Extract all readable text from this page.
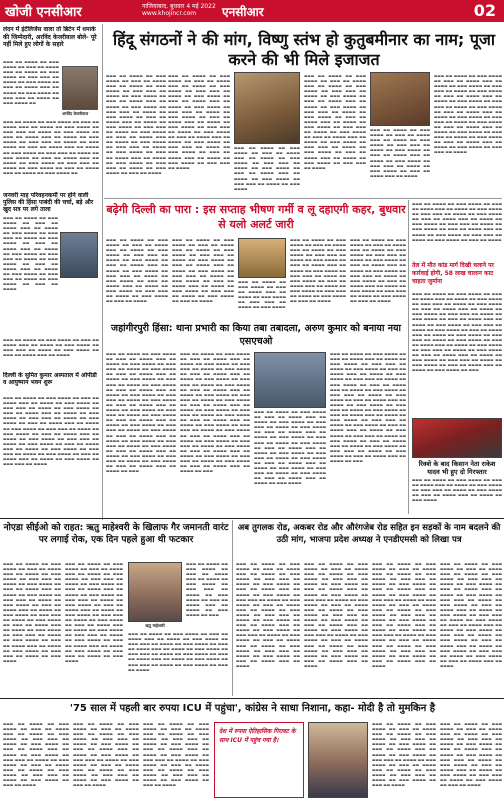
खोजी एनसीआर	गाजियाबाद, बुधवार 4 मई 2022
www.khojincr.com	एनसीआर	02
लंदन में इंटेलिजेंस वाला तो ब्रिटेन में धमाके की जिम्मेदारी, अरविंद केजरीवाल बोले- पूरे नहीं मिले हुए लोगों के सहारे
▬▬▬ ▬▬ ▬▬▬▬ ▬▬ ▬▬▬ ▬▬▬▬ ▬▬ ▬▬▬ ▬▬ ▬▬▬▬ ▬▬▬ ▬▬ ▬▬▬▬ ▬▬ ▬▬▬ ▬▬▬▬ ▬▬ ▬▬▬ ▬▬▬ ▬▬ ▬▬▬▬ ▬▬ ▬▬▬ ▬▬▬▬ ▬▬ ▬▬▬ ▬▬ ▬▬▬▬ ▬▬▬ ▬▬ ▬▬▬▬ ▬▬ ▬▬▬ ▬▬▬▬ ▬▬ ▬▬▬ ▬▬▬ ▬▬ ▬▬▬▬ ▬▬ ▬▬▬ ▬▬▬▬ ▬▬
अरविंद केजरीवाल
▬▬▬ ▬▬ ▬▬▬▬ ▬▬ ▬▬▬ ▬▬▬▬ ▬▬ ▬▬▬ ▬▬ ▬▬▬▬ ▬▬▬ ▬▬ ▬▬▬▬ ▬▬ ▬▬▬ ▬▬▬▬ ▬▬ ▬▬▬ ▬▬▬ ▬▬ ▬▬▬▬ ▬▬ ▬▬▬ ▬▬▬▬ ▬▬ ▬▬▬ ▬▬ ▬▬▬▬ ▬▬▬ ▬▬ ▬▬▬▬ ▬▬ ▬▬▬ ▬▬▬▬ ▬▬ ▬▬▬ ▬▬▬ ▬▬ ▬▬▬▬ ▬▬ ▬▬▬ ▬▬▬▬ ▬▬ ▬▬▬ ▬▬ ▬▬▬▬ ▬▬▬ ▬▬ ▬▬▬▬ ▬▬ ▬▬▬ ▬▬▬▬ ▬▬ ▬▬▬ ▬▬▬ ▬▬ ▬▬▬▬ ▬▬ ▬▬▬ ▬▬▬▬ ▬▬ ▬▬▬ ▬▬ ▬▬▬▬ ▬▬▬ ▬▬ ▬▬▬▬ ▬▬ ▬▬▬ ▬▬▬▬ ▬▬ ▬▬▬ ▬▬▬ ▬▬ ▬▬▬▬ ▬▬ ▬▬▬ ▬▬▬▬ ▬▬ ▬▬▬ ▬▬ ▬▬▬▬ ▬▬▬ ▬▬ ▬▬▬▬ ▬▬ ▬▬▬ ▬▬▬▬ ▬▬
जनवरी माह परिवहनकर्मी पर होने वाली पुलिस की हिंसा पाबंदी की चर्चा, बड़े और खुद सत्र पर लगे ताला
▬▬▬ ▬▬ ▬▬▬▬ ▬▬ ▬▬▬ ▬▬▬▬ ▬▬ ▬▬▬ ▬▬ ▬▬▬▬ ▬▬▬ ▬▬ ▬▬▬▬ ▬▬ ▬▬▬ ▬▬▬▬ ▬▬ ▬▬▬ ▬▬▬ ▬▬ ▬▬▬▬ ▬▬ ▬▬▬ ▬▬▬▬ ▬▬ ▬▬▬ ▬▬ ▬▬▬▬ ▬▬▬ ▬▬ ▬▬▬▬ ▬▬ ▬▬▬ ▬▬▬▬ ▬▬ ▬▬▬ ▬▬▬ ▬▬ ▬▬▬▬ ▬▬ ▬▬▬ ▬▬▬▬ ▬▬ ▬▬▬ ▬▬ ▬▬▬▬ ▬▬▬ ▬▬ ▬▬▬▬ ▬▬ ▬▬▬ ▬▬▬▬ ▬▬ ▬▬▬ ▬▬▬ ▬▬ ▬▬▬▬ ▬▬ ▬▬▬ ▬▬▬▬ ▬▬ ▬▬▬ ▬▬ ▬▬▬▬
▬▬▬ ▬▬ ▬▬▬▬ ▬▬ ▬▬▬ ▬▬▬▬ ▬▬ ▬▬▬ ▬▬ ▬▬▬▬ ▬▬▬ ▬▬ ▬▬▬▬ ▬▬ ▬▬▬ ▬▬▬▬ ▬▬ ▬▬▬ ▬▬▬ ▬▬ ▬▬▬▬ ▬▬ ▬▬▬ ▬▬▬▬ ▬▬ ▬▬▬ ▬▬ ▬▬▬▬ ▬▬▬ ▬▬ ▬▬▬▬
दिल्ली के सुमित कुमार अस्पताल में ओपीडी व आयुष्मान भवन शुरू
▬▬▬ ▬▬ ▬▬▬▬ ▬▬ ▬▬▬ ▬▬▬▬ ▬▬ ▬▬▬ ▬▬ ▬▬▬▬ ▬▬▬ ▬▬ ▬▬▬▬ ▬▬ ▬▬▬ ▬▬▬▬ ▬▬ ▬▬▬ ▬▬▬ ▬▬ ▬▬▬▬ ▬▬ ▬▬▬ ▬▬▬▬ ▬▬ ▬▬▬ ▬▬ ▬▬▬▬ ▬▬▬ ▬▬ ▬▬▬▬ ▬▬ ▬▬▬ ▬▬▬▬ ▬▬ ▬▬▬ ▬▬▬ ▬▬ ▬▬▬▬ ▬▬ ▬▬▬ ▬▬▬▬ ▬▬ ▬▬▬ ▬▬ ▬▬▬▬ ▬▬▬ ▬▬ ▬▬▬▬ ▬▬ ▬▬▬ ▬▬▬▬ ▬▬ ▬▬▬ ▬▬▬ ▬▬ ▬▬▬▬ ▬▬ ▬▬▬ ▬▬▬▬ ▬▬ ▬▬▬ ▬▬ ▬▬▬▬ ▬▬▬ ▬▬ ▬▬▬▬ ▬▬ ▬▬▬ ▬▬▬▬ ▬▬ ▬▬▬ ▬▬▬ ▬▬ ▬▬▬▬ ▬▬ ▬▬▬ ▬▬▬▬ ▬▬ ▬▬▬ ▬▬ ▬▬▬▬ ▬▬▬ ▬▬ ▬▬▬▬ ▬▬ ▬▬▬ ▬▬▬▬ ▬▬ ▬▬▬ ▬▬▬ ▬▬ ▬▬▬▬ ▬▬ ▬▬▬ ▬▬▬▬ ▬▬ ▬▬▬ ▬▬ ▬▬▬▬ ▬▬▬ ▬▬ ▬▬▬▬ ▬▬ ▬▬▬ ▬▬▬▬ ▬▬ ▬▬▬ ▬▬▬ ▬▬ ▬▬▬▬
हिंदू संगठनों ने की मांग, विष्णु स्तंभ हो कुतुबमीनार का नाम; पूजा करने की भी मिले इजाजत
▬▬▬ ▬▬ ▬▬▬▬ ▬▬ ▬▬▬ ▬▬▬▬ ▬▬ ▬▬▬ ▬▬ ▬▬▬▬ ▬▬▬ ▬▬ ▬▬▬▬ ▬▬ ▬▬▬ ▬▬▬▬ ▬▬ ▬▬▬ ▬▬▬ ▬▬ ▬▬▬▬ ▬▬ ▬▬▬ ▬▬▬▬ ▬▬ ▬▬▬ ▬▬ ▬▬▬▬ ▬▬▬ ▬▬ ▬▬▬▬ ▬▬ ▬▬▬ ▬▬▬▬ ▬▬ ▬▬▬ ▬▬▬ ▬▬ ▬▬▬▬ ▬▬ ▬▬▬ ▬▬▬▬ ▬▬ ▬▬▬ ▬▬ ▬▬▬▬ ▬▬▬ ▬▬ ▬▬▬▬ ▬▬ ▬▬▬ ▬▬▬▬ ▬▬ ▬▬▬ ▬▬▬ ▬▬ ▬▬▬▬ ▬▬ ▬▬▬ ▬▬▬▬ ▬▬ ▬▬▬ ▬▬ ▬▬▬▬ ▬▬▬ ▬▬ ▬▬▬▬ ▬▬ ▬▬▬ ▬▬▬▬ ▬▬ ▬▬▬ ▬▬▬ ▬▬ ▬▬▬▬ ▬▬ ▬▬▬ ▬▬▬▬ ▬▬ ▬▬▬ ▬▬ ▬▬▬▬ ▬▬▬ ▬▬ ▬▬▬▬ ▬▬ ▬▬▬ ▬▬▬▬ ▬▬ ▬▬▬ ▬▬▬ ▬▬ ▬▬▬▬ ▬▬ ▬▬▬ ▬▬▬▬ ▬▬ ▬▬▬ ▬▬ ▬▬▬▬
▬▬▬ ▬▬ ▬▬▬▬ ▬▬ ▬▬▬ ▬▬▬▬ ▬▬ ▬▬▬ ▬▬ ▬▬▬▬ ▬▬▬ ▬▬ ▬▬▬▬ ▬▬ ▬▬▬ ▬▬▬▬ ▬▬ ▬▬▬ ▬▬▬ ▬▬ ▬▬▬▬ ▬▬ ▬▬▬ ▬▬▬▬ ▬▬ ▬▬▬ ▬▬ ▬▬▬▬ ▬▬▬ ▬▬ ▬▬▬▬ ▬▬ ▬▬▬ ▬▬▬▬ ▬▬ ▬▬▬ ▬▬▬ ▬▬ ▬▬▬▬ ▬▬ ▬▬▬ ▬▬▬▬ ▬▬ ▬▬▬ ▬▬ ▬▬▬▬ ▬▬▬ ▬▬ ▬▬▬▬ ▬▬ ▬▬▬ ▬▬▬▬ ▬▬ ▬▬▬ ▬▬▬ ▬▬ ▬▬▬▬ ▬▬ ▬▬▬ ▬▬▬▬ ▬▬ ▬▬▬ ▬▬ ▬▬▬▬ ▬▬▬ ▬▬ ▬▬▬▬ ▬▬ ▬▬▬ ▬▬▬▬ ▬▬ ▬▬▬ ▬▬▬ ▬▬ ▬▬▬▬ ▬▬ ▬▬▬ ▬▬▬▬ ▬▬ ▬▬▬ ▬▬ ▬▬▬▬ ▬▬▬ ▬▬ ▬▬▬▬ ▬▬ ▬▬▬ ▬▬▬▬ ▬▬ ▬▬▬ ▬▬▬ ▬▬ ▬▬▬▬
▬▬▬ ▬▬ ▬▬▬▬ ▬▬ ▬▬▬ ▬▬▬▬ ▬▬ ▬▬▬ ▬▬ ▬▬▬▬ ▬▬▬ ▬▬ ▬▬▬▬ ▬▬ ▬▬▬ ▬▬▬▬ ▬▬ ▬▬▬ ▬▬▬ ▬▬ ▬▬▬▬ ▬▬ ▬▬▬ ▬▬▬▬ ▬▬ ▬▬▬ ▬▬ ▬▬▬▬ ▬▬▬ ▬▬ ▬▬▬▬ ▬▬ ▬▬▬ ▬▬▬▬ ▬▬ ▬▬▬ ▬▬▬ ▬▬ ▬▬▬▬ ▬▬ ▬▬▬ ▬▬▬▬
▬▬▬ ▬▬ ▬▬▬▬ ▬▬ ▬▬▬ ▬▬▬▬ ▬▬ ▬▬▬ ▬▬ ▬▬▬▬ ▬▬▬ ▬▬ ▬▬▬▬ ▬▬ ▬▬▬ ▬▬▬▬ ▬▬ ▬▬▬ ▬▬▬ ▬▬ ▬▬▬▬ ▬▬ ▬▬▬ ▬▬▬▬ ▬▬ ▬▬▬ ▬▬ ▬▬▬▬ ▬▬▬ ▬▬ ▬▬▬▬ ▬▬ ▬▬▬ ▬▬▬▬ ▬▬ ▬▬▬ ▬▬▬ ▬▬ ▬▬▬▬ ▬▬ ▬▬▬ ▬▬▬▬ ▬▬ ▬▬▬ ▬▬ ▬▬▬▬ ▬▬▬ ▬▬ ▬▬▬▬ ▬▬ ▬▬▬ ▬▬▬▬ ▬▬ ▬▬▬ ▬▬▬ ▬▬ ▬▬▬▬ ▬▬ ▬▬▬ ▬▬▬▬ ▬▬ ▬▬▬ ▬▬ ▬▬▬▬ ▬▬▬ ▬▬ ▬▬▬▬ ▬▬ ▬▬▬ ▬▬▬▬ ▬▬ ▬▬▬ ▬▬▬ ▬▬ ▬▬▬▬ ▬▬ ▬▬▬ ▬▬▬▬ ▬▬ ▬▬▬ ▬▬ ▬▬▬▬ ▬▬▬ ▬▬ ▬▬▬▬ ▬▬ ▬▬▬ ▬▬▬▬ ▬▬ ▬▬▬ ▬▬▬ ▬▬ ▬▬▬▬
▬▬▬ ▬▬ ▬▬▬▬ ▬▬ ▬▬▬ ▬▬▬▬ ▬▬ ▬▬▬ ▬▬ ▬▬▬▬ ▬▬▬ ▬▬ ▬▬▬▬ ▬▬ ▬▬▬ ▬▬▬▬ ▬▬ ▬▬▬ ▬▬▬ ▬▬ ▬▬▬▬ ▬▬ ▬▬▬ ▬▬▬▬ ▬▬ ▬▬▬ ▬▬ ▬▬▬▬ ▬▬▬ ▬▬ ▬▬▬▬ ▬▬ ▬▬▬ ▬▬▬▬ ▬▬ ▬▬▬ ▬▬▬ ▬▬ ▬▬▬▬ ▬▬ ▬▬▬ ▬▬▬▬ ▬▬ ▬▬▬ ▬▬ ▬▬▬▬ ▬▬▬ ▬▬ ▬▬▬▬
▬▬▬ ▬▬ ▬▬▬▬ ▬▬ ▬▬▬ ▬▬▬▬ ▬▬ ▬▬▬ ▬▬ ▬▬▬▬ ▬▬▬ ▬▬ ▬▬▬▬ ▬▬ ▬▬▬ ▬▬▬▬ ▬▬ ▬▬▬ ▬▬▬ ▬▬ ▬▬▬▬ ▬▬ ▬▬▬ ▬▬▬▬ ▬▬ ▬▬▬ ▬▬ ▬▬▬▬ ▬▬▬ ▬▬ ▬▬▬▬ ▬▬ ▬▬▬ ▬▬▬▬ ▬▬ ▬▬▬ ▬▬▬ ▬▬ ▬▬▬▬ ▬▬ ▬▬▬ ▬▬▬▬ ▬▬ ▬▬▬ ▬▬ ▬▬▬▬ ▬▬▬ ▬▬ ▬▬▬▬ ▬▬ ▬▬▬ ▬▬▬▬ ▬▬ ▬▬▬ ▬▬▬ ▬▬ ▬▬▬▬ ▬▬ ▬▬▬ ▬▬▬▬ ▬▬ ▬▬▬ ▬▬ ▬▬▬▬ ▬▬▬ ▬▬ ▬▬▬▬ ▬▬ ▬▬▬ ▬▬▬▬ ▬▬ ▬▬▬ ▬▬▬ ▬▬ ▬▬▬▬ ▬▬ ▬▬▬ ▬▬▬▬ ▬▬ ▬▬▬ ▬▬ ▬▬▬▬ ▬▬▬ ▬▬ ▬▬▬▬ ▬▬ ▬▬▬ ▬▬▬▬ ▬▬ ▬▬▬ ▬▬▬ ▬▬ ▬▬▬▬
बढ़ेगी दिल्ली का पारा : इस सप्ताह भीषण गर्मी व लू दहाएगी कहर, बुधवार से यलो अलर्ट जारी
▬▬▬ ▬▬ ▬▬▬▬ ▬▬ ▬▬▬ ▬▬▬▬ ▬▬ ▬▬▬ ▬▬ ▬▬▬▬ ▬▬▬ ▬▬ ▬▬▬▬ ▬▬ ▬▬▬ ▬▬▬▬ ▬▬ ▬▬▬ ▬▬▬ ▬▬ ▬▬▬▬ ▬▬ ▬▬▬ ▬▬▬▬ ▬▬ ▬▬▬ ▬▬ ▬▬▬▬ ▬▬▬ ▬▬ ▬▬▬▬ ▬▬ ▬▬▬ ▬▬▬▬ ▬▬ ▬▬▬ ▬▬▬ ▬▬ ▬▬▬▬ ▬▬ ▬▬▬ ▬▬▬▬ ▬▬ ▬▬▬ ▬▬ ▬▬▬▬ ▬▬▬ ▬▬ ▬▬▬▬ ▬▬ ▬▬▬ ▬▬▬▬ ▬▬ ▬▬▬ ▬▬▬ ▬▬ ▬▬▬▬ ▬▬ ▬▬▬ ▬▬▬▬ ▬▬ ▬▬▬ ▬▬ ▬▬▬▬
▬▬▬ ▬▬ ▬▬▬▬ ▬▬ ▬▬▬ ▬▬▬▬ ▬▬ ▬▬▬ ▬▬ ▬▬▬▬ ▬▬▬ ▬▬ ▬▬▬▬ ▬▬ ▬▬▬ ▬▬▬▬ ▬▬ ▬▬▬ ▬▬▬ ▬▬ ▬▬▬▬ ▬▬ ▬▬▬ ▬▬▬▬ ▬▬ ▬▬▬ ▬▬ ▬▬▬▬ ▬▬▬ ▬▬ ▬▬▬▬ ▬▬ ▬▬▬ ▬▬▬▬ ▬▬ ▬▬▬ ▬▬▬ ▬▬ ▬▬▬▬ ▬▬ ▬▬▬ ▬▬▬▬ ▬▬ ▬▬▬ ▬▬ ▬▬▬▬ ▬▬▬ ▬▬ ▬▬▬▬ ▬▬ ▬▬▬ ▬▬▬▬ ▬▬ ▬▬▬ ▬▬▬ ▬▬ ▬▬▬▬ ▬▬ ▬▬▬ ▬▬▬▬ ▬▬ ▬▬▬ ▬▬ ▬▬▬▬
▬▬▬ ▬▬ ▬▬▬▬ ▬▬ ▬▬▬ ▬▬▬▬ ▬▬ ▬▬▬ ▬▬ ▬▬▬▬ ▬▬▬ ▬▬ ▬▬▬▬ ▬▬ ▬▬▬ ▬▬▬▬ ▬▬ ▬▬▬ ▬▬▬ ▬▬ ▬▬▬▬ ▬▬ ▬▬▬ ▬▬▬▬
▬▬▬ ▬▬ ▬▬▬▬ ▬▬ ▬▬▬ ▬▬▬▬ ▬▬ ▬▬▬ ▬▬ ▬▬▬▬ ▬▬▬ ▬▬ ▬▬▬▬ ▬▬ ▬▬▬ ▬▬▬▬ ▬▬ ▬▬▬ ▬▬▬ ▬▬ ▬▬▬▬ ▬▬ ▬▬▬ ▬▬▬▬ ▬▬ ▬▬▬ ▬▬ ▬▬▬▬ ▬▬▬ ▬▬ ▬▬▬▬ ▬▬ ▬▬▬ ▬▬▬▬ ▬▬ ▬▬▬ ▬▬▬ ▬▬ ▬▬▬▬ ▬▬ ▬▬▬ ▬▬▬▬ ▬▬ ▬▬▬ ▬▬ ▬▬▬▬ ▬▬▬ ▬▬ ▬▬▬▬ ▬▬ ▬▬▬ ▬▬▬▬ ▬▬ ▬▬▬ ▬▬▬ ▬▬ ▬▬▬▬ ▬▬ ▬▬▬ ▬▬▬▬ ▬▬ ▬▬▬ ▬▬ ▬▬▬▬
▬▬▬ ▬▬ ▬▬▬▬ ▬▬ ▬▬▬ ▬▬▬▬ ▬▬ ▬▬▬ ▬▬ ▬▬▬▬ ▬▬▬ ▬▬ ▬▬▬▬ ▬▬ ▬▬▬ ▬▬▬▬ ▬▬ ▬▬▬ ▬▬▬ ▬▬ ▬▬▬▬ ▬▬ ▬▬▬ ▬▬▬▬ ▬▬ ▬▬▬ ▬▬ ▬▬▬▬ ▬▬▬ ▬▬ ▬▬▬▬ ▬▬ ▬▬▬ ▬▬▬▬ ▬▬ ▬▬▬ ▬▬▬ ▬▬ ▬▬▬▬ ▬▬ ▬▬▬ ▬▬▬▬ ▬▬ ▬▬▬ ▬▬ ▬▬▬▬ ▬▬▬ ▬▬ ▬▬▬▬ ▬▬ ▬▬▬ ▬▬▬▬ ▬▬ ▬▬▬ ▬▬▬ ▬▬ ▬▬▬▬ ▬▬ ▬▬▬ ▬▬▬▬ ▬▬ ▬▬▬ ▬▬ ▬▬▬▬
▬▬▬ ▬▬ ▬▬▬▬ ▬▬ ▬▬▬ ▬▬▬▬ ▬▬ ▬▬▬ ▬▬ ▬▬▬▬ ▬▬▬ ▬▬ ▬▬▬▬ ▬▬ ▬▬▬ ▬▬▬▬ ▬▬ ▬▬▬ ▬▬▬ ▬▬ ▬▬▬▬ ▬▬ ▬▬▬ ▬▬▬▬ ▬▬ ▬▬▬ ▬▬ ▬▬▬▬ ▬▬▬ ▬▬ ▬▬▬▬ ▬▬ ▬▬▬ ▬▬▬▬ ▬▬ ▬▬▬ ▬▬▬ ▬▬ ▬▬▬▬ ▬▬ ▬▬▬ ▬▬▬▬ ▬▬ ▬▬▬ ▬▬ ▬▬▬▬ ▬▬▬ ▬▬ ▬▬▬▬ ▬▬ ▬▬▬ ▬▬▬▬ ▬▬ ▬▬▬ ▬▬▬ ▬▬ ▬▬▬▬ ▬▬ ▬▬▬ ▬▬▬▬ ▬▬ ▬▬▬ ▬▬ ▬▬▬▬
तेल में मौत कांड मार्ग दिखी चलाने पर कार्रवाई होगी, 58 लाख चालान काट चाहता जुर्माना
▬▬▬ ▬▬ ▬▬▬▬ ▬▬ ▬▬▬ ▬▬▬▬ ▬▬ ▬▬▬ ▬▬ ▬▬▬▬ ▬▬▬ ▬▬ ▬▬▬▬ ▬▬ ▬▬▬ ▬▬▬▬ ▬▬ ▬▬▬ ▬▬▬ ▬▬ ▬▬▬▬ ▬▬ ▬▬▬ ▬▬▬▬ ▬▬ ▬▬▬ ▬▬ ▬▬▬▬ ▬▬▬ ▬▬ ▬▬▬▬ ▬▬ ▬▬▬ ▬▬▬▬ ▬▬ ▬▬▬ ▬▬▬ ▬▬ ▬▬▬▬ ▬▬ ▬▬▬ ▬▬▬▬ ▬▬ ▬▬▬ ▬▬ ▬▬▬▬ ▬▬▬ ▬▬ ▬▬▬▬ ▬▬ ▬▬▬ ▬▬▬▬ ▬▬ ▬▬▬ ▬▬▬ ▬▬ ▬▬▬▬ ▬▬ ▬▬▬ ▬▬▬▬ ▬▬ ▬▬▬ ▬▬ ▬▬▬▬ ▬▬▬ ▬▬ ▬▬▬▬ ▬▬ ▬▬▬ ▬▬▬▬ ▬▬ ▬▬▬ ▬▬▬ ▬▬ ▬▬▬▬ ▬▬ ▬▬▬ ▬▬▬▬ ▬▬ ▬▬▬ ▬▬ ▬▬▬▬ ▬▬▬ ▬▬ ▬▬▬▬ ▬▬ ▬▬▬ ▬▬▬▬ ▬▬ ▬▬▬ ▬▬▬ ▬▬ ▬▬▬▬ ▬▬ ▬▬▬ ▬▬▬▬ ▬▬ ▬▬▬ ▬▬ ▬▬▬▬ ▬▬▬ ▬▬ ▬▬▬▬ ▬▬ ▬▬▬ ▬▬▬▬ ▬▬ ▬▬▬ ▬▬▬ ▬▬ ▬▬▬▬ ▬▬ ▬▬▬ ▬▬▬▬ ▬▬ ▬▬▬ ▬▬ ▬▬▬▬ ▬▬▬ ▬▬ ▬▬▬▬ ▬▬ ▬▬▬ ▬▬▬▬ ▬▬ ▬▬▬
रिक्शे के बाद किसान नेता राकेश यादव भी हुए दो गिरफ्तार
▬▬▬ ▬▬ ▬▬▬▬ ▬▬ ▬▬▬ ▬▬▬▬ ▬▬ ▬▬▬ ▬▬ ▬▬▬▬ ▬▬▬ ▬▬ ▬▬▬▬ ▬▬ ▬▬▬ ▬▬▬▬ ▬▬ ▬▬▬ ▬▬▬ ▬▬ ▬▬▬▬ ▬▬ ▬▬▬ ▬▬▬▬ ▬▬ ▬▬▬ ▬▬ ▬▬▬▬ ▬▬▬ ▬▬ ▬▬▬▬ ▬▬ ▬▬▬ ▬▬▬▬
जहांगीरपुरी हिंसा: थाना प्रभारी का किया तबा तबादला, अरुण कुमार को बनाया नया एसएचओ
▬▬▬ ▬▬ ▬▬▬▬ ▬▬ ▬▬▬ ▬▬▬▬ ▬▬ ▬▬▬ ▬▬ ▬▬▬▬ ▬▬▬ ▬▬ ▬▬▬▬ ▬▬ ▬▬▬ ▬▬▬▬ ▬▬ ▬▬▬ ▬▬▬ ▬▬ ▬▬▬▬ ▬▬ ▬▬▬ ▬▬▬▬ ▬▬ ▬▬▬ ▬▬ ▬▬▬▬ ▬▬▬ ▬▬ ▬▬▬▬ ▬▬ ▬▬▬ ▬▬▬▬ ▬▬ ▬▬▬ ▬▬▬ ▬▬ ▬▬▬▬ ▬▬ ▬▬▬ ▬▬▬▬ ▬▬ ▬▬▬ ▬▬ ▬▬▬▬ ▬▬▬ ▬▬ ▬▬▬▬ ▬▬ ▬▬▬ ▬▬▬▬ ▬▬ ▬▬▬ ▬▬▬ ▬▬ ▬▬▬▬ ▬▬ ▬▬▬ ▬▬▬▬ ▬▬ ▬▬▬ ▬▬ ▬▬▬▬ ▬▬▬ ▬▬ ▬▬▬▬ ▬▬ ▬▬▬ ▬▬▬▬ ▬▬ ▬▬▬ ▬▬▬ ▬▬ ▬▬▬▬ ▬▬ ▬▬▬ ▬▬▬▬ ▬▬ ▬▬▬ ▬▬ ▬▬▬▬ ▬▬▬ ▬▬ ▬▬▬▬ ▬▬ ▬▬▬ ▬▬▬▬ ▬▬ ▬▬▬ ▬▬▬ ▬▬ ▬▬▬▬ ▬▬ ▬▬▬ ▬▬▬▬ ▬▬ ▬▬▬ ▬▬ ▬▬▬▬ ▬▬▬ ▬▬ ▬▬▬▬ ▬▬ ▬▬▬ ▬▬▬▬ ▬▬ ▬▬▬ ▬▬▬ ▬▬ ▬▬▬▬ ▬▬ ▬▬▬ ▬▬▬▬ ▬▬ ▬▬▬ ▬▬ ▬▬▬▬ ▬▬▬ ▬▬ ▬▬▬▬ ▬▬ ▬▬▬ ▬▬▬▬ ▬▬ ▬▬▬ ▬▬▬ ▬▬ ▬▬▬▬ ▬▬ ▬▬▬ ▬▬▬▬ ▬▬ ▬▬▬ ▬▬ ▬▬▬▬ ▬▬▬ ▬▬ ▬▬▬▬ ▬▬ ▬▬▬
▬▬▬ ▬▬ ▬▬▬▬ ▬▬ ▬▬▬ ▬▬▬▬ ▬▬ ▬▬▬ ▬▬ ▬▬▬▬ ▬▬▬ ▬▬ ▬▬▬▬ ▬▬ ▬▬▬ ▬▬▬▬ ▬▬ ▬▬▬ ▬▬▬ ▬▬ ▬▬▬▬ ▬▬ ▬▬▬ ▬▬▬▬ ▬▬ ▬▬▬ ▬▬ ▬▬▬▬ ▬▬▬ ▬▬ ▬▬▬▬ ▬▬ ▬▬▬ ▬▬▬▬ ▬▬ ▬▬▬ ▬▬▬ ▬▬ ▬▬▬▬ ▬▬ ▬▬▬ ▬▬▬▬ ▬▬ ▬▬▬ ▬▬ ▬▬▬▬ ▬▬▬ ▬▬ ▬▬▬▬ ▬▬ ▬▬▬ ▬▬▬▬ ▬▬ ▬▬▬ ▬▬▬ ▬▬ ▬▬▬▬ ▬▬ ▬▬▬ ▬▬▬▬ ▬▬ ▬▬▬ ▬▬ ▬▬▬▬ ▬▬▬ ▬▬ ▬▬▬▬ ▬▬ ▬▬▬ ▬▬▬▬ ▬▬ ▬▬▬ ▬▬▬ ▬▬ ▬▬▬▬ ▬▬ ▬▬▬ ▬▬▬▬ ▬▬ ▬▬▬ ▬▬ ▬▬▬▬ ▬▬▬ ▬▬ ▬▬▬▬ ▬▬ ▬▬▬ ▬▬▬▬ ▬▬ ▬▬▬ ▬▬▬ ▬▬ ▬▬▬▬ ▬▬ ▬▬▬ ▬▬▬▬ ▬▬ ▬▬▬ ▬▬ ▬▬▬▬ ▬▬▬ ▬▬ ▬▬▬▬ ▬▬ ▬▬▬ ▬▬▬▬ ▬▬ ▬▬▬ ▬▬▬ ▬▬ ▬▬▬▬ ▬▬ ▬▬▬ ▬▬▬▬ ▬▬ ▬▬▬ ▬▬ ▬▬▬▬ ▬▬▬ ▬▬ ▬▬▬▬ ▬▬ ▬▬▬ ▬▬▬▬ ▬▬ ▬▬▬ ▬▬▬ ▬▬ ▬▬▬▬ ▬▬ ▬▬▬ ▬▬▬▬ ▬▬ ▬▬▬ ▬▬ ▬▬▬▬ ▬▬▬ ▬▬ ▬▬▬▬ ▬▬ ▬▬▬
▬▬▬ ▬▬ ▬▬▬▬ ▬▬ ▬▬▬ ▬▬▬▬ ▬▬ ▬▬▬ ▬▬ ▬▬▬▬ ▬▬▬ ▬▬ ▬▬▬▬ ▬▬ ▬▬▬ ▬▬▬▬ ▬▬ ▬▬▬ ▬▬▬ ▬▬ ▬▬▬▬ ▬▬ ▬▬▬ ▬▬▬▬ ▬▬ ▬▬▬ ▬▬ ▬▬▬▬ ▬▬▬ ▬▬ ▬▬▬▬ ▬▬ ▬▬▬ ▬▬▬▬ ▬▬ ▬▬▬ ▬▬▬ ▬▬ ▬▬▬▬ ▬▬ ▬▬▬ ▬▬▬▬ ▬▬ ▬▬▬ ▬▬ ▬▬▬▬ ▬▬▬ ▬▬ ▬▬▬▬ ▬▬ ▬▬▬ ▬▬▬▬ ▬▬ ▬▬▬ ▬▬▬ ▬▬ ▬▬▬▬ ▬▬ ▬▬▬ ▬▬▬▬ ▬▬ ▬▬▬ ▬▬ ▬▬▬▬ ▬▬▬ ▬▬ ▬▬▬▬ ▬▬ ▬▬▬ ▬▬▬▬ ▬▬ ▬▬▬ ▬▬▬ ▬▬ ▬▬▬▬ ▬▬ ▬▬▬ ▬▬▬▬ ▬▬ ▬▬▬ ▬▬ ▬▬▬▬ ▬▬▬ ▬▬ ▬▬▬▬ ▬▬ ▬▬▬ ▬▬▬▬
▬▬▬ ▬▬ ▬▬▬▬ ▬▬ ▬▬▬ ▬▬▬▬ ▬▬ ▬▬▬ ▬▬ ▬▬▬▬ ▬▬▬ ▬▬ ▬▬▬▬ ▬▬ ▬▬▬ ▬▬▬▬ ▬▬ ▬▬▬ ▬▬▬ ▬▬ ▬▬▬▬ ▬▬ ▬▬▬ ▬▬▬▬ ▬▬ ▬▬▬ ▬▬ ▬▬▬▬ ▬▬▬ ▬▬ ▬▬▬▬ ▬▬ ▬▬▬ ▬▬▬▬ ▬▬ ▬▬▬ ▬▬▬ ▬▬ ▬▬▬▬ ▬▬ ▬▬▬ ▬▬▬▬ ▬▬ ▬▬▬ ▬▬ ▬▬▬▬ ▬▬▬ ▬▬ ▬▬▬▬ ▬▬ ▬▬▬ ▬▬▬▬ ▬▬ ▬▬▬ ▬▬▬ ▬▬ ▬▬▬▬ ▬▬ ▬▬▬ ▬▬▬▬ ▬▬ ▬▬▬ ▬▬ ▬▬▬▬ ▬▬▬ ▬▬ ▬▬▬▬ ▬▬ ▬▬▬ ▬▬▬▬ ▬▬ ▬▬▬ ▬▬▬ ▬▬ ▬▬▬▬ ▬▬ ▬▬▬ ▬▬▬▬ ▬▬ ▬▬▬ ▬▬ ▬▬▬▬ ▬▬▬ ▬▬ ▬▬▬▬ ▬▬ ▬▬▬ ▬▬▬▬ ▬▬ ▬▬▬ ▬▬▬ ▬▬ ▬▬▬▬ ▬▬ ▬▬▬ ▬▬▬▬ ▬▬ ▬▬▬ ▬▬ ▬▬▬▬ ▬▬▬ ▬▬ ▬▬▬▬ ▬▬ ▬▬▬ ▬▬▬▬ ▬▬ ▬▬▬ ▬▬▬ ▬▬ ▬▬▬▬ ▬▬ ▬▬▬ ▬▬▬▬ ▬▬ ▬▬▬ ▬▬ ▬▬▬▬ ▬▬▬ ▬▬ ▬▬▬▬ ▬▬ ▬▬▬ ▬▬▬▬ ▬▬ ▬▬▬ ▬▬▬ ▬▬ ▬▬▬▬ ▬▬ ▬▬▬ ▬▬▬▬ ▬▬ ▬▬▬ ▬▬ ▬▬▬▬ ▬▬▬ ▬▬ ▬▬▬▬ ▬▬ ▬▬▬
नोएडा सीईओ को राहत: ऋतु माहेश्वरी के खिलाफ गैर जमानती वारंट पर लगाई रोक, एक दिन पहले हुआ थी फटकार
▬▬▬ ▬▬ ▬▬▬▬ ▬▬ ▬▬▬ ▬▬▬▬ ▬▬ ▬▬▬ ▬▬ ▬▬▬▬ ▬▬▬ ▬▬ ▬▬▬▬ ▬▬ ▬▬▬ ▬▬▬▬ ▬▬ ▬▬▬ ▬▬▬ ▬▬ ▬▬▬▬ ▬▬ ▬▬▬ ▬▬▬▬ ▬▬ ▬▬▬ ▬▬ ▬▬▬▬ ▬▬▬ ▬▬ ▬▬▬▬ ▬▬ ▬▬▬ ▬▬▬▬ ▬▬ ▬▬▬ ▬▬▬ ▬▬ ▬▬▬▬ ▬▬ ▬▬▬ ▬▬▬▬ ▬▬ ▬▬▬ ▬▬ ▬▬▬▬ ▬▬▬ ▬▬ ▬▬▬▬ ▬▬ ▬▬▬ ▬▬▬▬ ▬▬ ▬▬▬ ▬▬▬ ▬▬ ▬▬▬▬ ▬▬ ▬▬▬ ▬▬▬▬ ▬▬ ▬▬▬ ▬▬ ▬▬▬▬ ▬▬▬ ▬▬ ▬▬▬▬ ▬▬ ▬▬▬ ▬▬▬▬ ▬▬ ▬▬▬ ▬▬▬ ▬▬ ▬▬▬▬ ▬▬ ▬▬▬ ▬▬▬▬ ▬▬ ▬▬▬ ▬▬ ▬▬▬▬ ▬▬▬ ▬▬ ▬▬▬▬ ▬▬ ▬▬▬ ▬▬▬▬ ▬▬ ▬▬▬ ▬▬▬ ▬▬ ▬▬▬▬ ▬▬ ▬▬▬ ▬▬▬▬
▬▬▬ ▬▬ ▬▬▬▬ ▬▬ ▬▬▬ ▬▬▬▬ ▬▬ ▬▬▬ ▬▬ ▬▬▬▬ ▬▬▬ ▬▬ ▬▬▬▬ ▬▬ ▬▬▬ ▬▬▬▬ ▬▬ ▬▬▬ ▬▬▬ ▬▬ ▬▬▬▬ ▬▬ ▬▬▬ ▬▬▬▬ ▬▬ ▬▬▬ ▬▬ ▬▬▬▬ ▬▬▬ ▬▬ ▬▬▬▬ ▬▬ ▬▬▬ ▬▬▬▬ ▬▬ ▬▬▬ ▬▬▬ ▬▬ ▬▬▬▬ ▬▬ ▬▬▬ ▬▬▬▬ ▬▬ ▬▬▬ ▬▬ ▬▬▬▬ ▬▬▬ ▬▬ ▬▬▬▬ ▬▬ ▬▬▬ ▬▬▬▬ ▬▬ ▬▬▬ ▬▬▬ ▬▬ ▬▬▬▬ ▬▬ ▬▬▬ ▬▬▬▬ ▬▬ ▬▬▬ ▬▬ ▬▬▬▬ ▬▬▬ ▬▬ ▬▬▬▬ ▬▬ ▬▬▬ ▬▬▬▬ ▬▬ ▬▬▬ ▬▬▬ ▬▬ ▬▬▬▬ ▬▬ ▬▬▬ ▬▬▬▬ ▬▬ ▬▬▬ ▬▬ ▬▬▬▬ ▬▬▬ ▬▬ ▬▬▬▬ ▬▬ ▬▬▬ ▬▬▬▬ ▬▬ ▬▬▬ ▬▬▬ ▬▬ ▬▬▬▬ ▬▬ ▬▬▬ ▬▬▬▬
ऋतु माहेश्वरी
▬▬▬ ▬▬ ▬▬▬▬ ▬▬ ▬▬▬ ▬▬▬▬ ▬▬ ▬▬▬ ▬▬ ▬▬▬▬ ▬▬▬ ▬▬ ▬▬▬▬ ▬▬ ▬▬▬ ▬▬▬▬ ▬▬ ▬▬▬ ▬▬▬ ▬▬ ▬▬▬▬ ▬▬ ▬▬▬ ▬▬▬▬ ▬▬ ▬▬▬ ▬▬ ▬▬▬▬ ▬▬▬ ▬▬ ▬▬▬▬ ▬▬ ▬▬▬ ▬▬▬▬ ▬▬ ▬▬▬ ▬▬▬ ▬▬ ▬▬▬▬ ▬▬ ▬▬▬ ▬▬▬▬ ▬▬ ▬▬▬ ▬▬ ▬▬▬▬ ▬▬▬ ▬▬ ▬▬▬▬ ▬▬ ▬▬▬ ▬▬▬▬ ▬▬ ▬▬▬ ▬▬▬ ▬▬ ▬▬▬▬ ▬▬ ▬▬▬ ▬▬▬▬ ▬▬ ▬▬▬ ▬▬ ▬▬▬▬
▬▬▬ ▬▬ ▬▬▬▬ ▬▬ ▬▬▬ ▬▬▬▬ ▬▬ ▬▬▬ ▬▬ ▬▬▬▬ ▬▬▬ ▬▬ ▬▬▬▬ ▬▬ ▬▬▬ ▬▬▬▬ ▬▬ ▬▬▬ ▬▬▬ ▬▬ ▬▬▬▬ ▬▬ ▬▬▬ ▬▬▬▬ ▬▬ ▬▬▬ ▬▬ ▬▬▬▬ ▬▬▬ ▬▬ ▬▬▬▬ ▬▬ ▬▬▬ ▬▬▬▬ ▬▬ ▬▬▬
अब तुगलक रोड, अकबर रोड और औरंगजेब रोड सहित इन सड़कों के नाम बदलने की उठी मांग, भाजपा प्रदेश अध्यक्ष ने एनडीएमसी को लिखा पत्र
▬▬▬ ▬▬ ▬▬▬▬ ▬▬ ▬▬▬ ▬▬▬▬ ▬▬ ▬▬▬ ▬▬ ▬▬▬▬ ▬▬▬ ▬▬ ▬▬▬▬ ▬▬ ▬▬▬ ▬▬▬▬ ▬▬ ▬▬▬ ▬▬▬ ▬▬ ▬▬▬▬ ▬▬ ▬▬▬ ▬▬▬▬ ▬▬ ▬▬▬ ▬▬ ▬▬▬▬ ▬▬▬ ▬▬ ▬▬▬▬ ▬▬ ▬▬▬ ▬▬▬▬ ▬▬ ▬▬▬ ▬▬▬ ▬▬ ▬▬▬▬ ▬▬ ▬▬▬ ▬▬▬▬ ▬▬ ▬▬▬ ▬▬ ▬▬▬▬ ▬▬▬ ▬▬ ▬▬▬▬ ▬▬ ▬▬▬ ▬▬▬▬ ▬▬ ▬▬▬ ▬▬▬ ▬▬ ▬▬▬▬ ▬▬ ▬▬▬ ▬▬▬▬ ▬▬ ▬▬▬ ▬▬ ▬▬▬▬ ▬▬▬ ▬▬ ▬▬▬▬ ▬▬ ▬▬▬ ▬▬▬▬ ▬▬ ▬▬▬ ▬▬▬ ▬▬ ▬▬▬▬ ▬▬ ▬▬▬ ▬▬▬▬ ▬▬ ▬▬▬ ▬▬ ▬▬▬▬ ▬▬▬ ▬▬ ▬▬▬▬ ▬▬ ▬▬▬ ▬▬▬▬ ▬▬ ▬▬▬ ▬▬▬ ▬▬ ▬▬▬▬ ▬▬ ▬▬▬ ▬▬▬▬ ▬▬ ▬▬▬ ▬▬ ▬▬▬▬ ▬▬▬ ▬▬ ▬▬▬▬
▬▬▬ ▬▬ ▬▬▬▬ ▬▬ ▬▬▬ ▬▬▬▬ ▬▬ ▬▬▬ ▬▬ ▬▬▬▬ ▬▬▬ ▬▬ ▬▬▬▬ ▬▬ ▬▬▬ ▬▬▬▬ ▬▬ ▬▬▬ ▬▬▬ ▬▬ ▬▬▬▬ ▬▬ ▬▬▬ ▬▬▬▬ ▬▬ ▬▬▬ ▬▬ ▬▬▬▬ ▬▬▬ ▬▬ ▬▬▬▬ ▬▬ ▬▬▬ ▬▬▬▬ ▬▬ ▬▬▬ ▬▬▬ ▬▬ ▬▬▬▬ ▬▬ ▬▬▬ ▬▬▬▬ ▬▬ ▬▬▬ ▬▬ ▬▬▬▬ ▬▬▬ ▬▬ ▬▬▬▬ ▬▬ ▬▬▬ ▬▬▬▬ ▬▬ ▬▬▬ ▬▬▬ ▬▬ ▬▬▬▬ ▬▬ ▬▬▬ ▬▬▬▬ ▬▬ ▬▬▬ ▬▬ ▬▬▬▬ ▬▬▬ ▬▬ ▬▬▬▬ ▬▬ ▬▬▬ ▬▬▬▬ ▬▬ ▬▬▬ ▬▬▬ ▬▬ ▬▬▬▬ ▬▬ ▬▬▬ ▬▬▬▬ ▬▬ ▬▬▬ ▬▬ ▬▬▬▬ ▬▬▬ ▬▬ ▬▬▬▬ ▬▬ ▬▬▬ ▬▬▬▬ ▬▬ ▬▬▬ ▬▬▬ ▬▬ ▬▬▬▬ ▬▬ ▬▬▬ ▬▬▬▬ ▬▬ ▬▬▬ ▬▬ ▬▬▬▬ ▬▬▬ ▬▬ ▬▬▬▬
▬▬▬ ▬▬ ▬▬▬▬ ▬▬ ▬▬▬ ▬▬▬▬ ▬▬ ▬▬▬ ▬▬ ▬▬▬▬ ▬▬▬ ▬▬ ▬▬▬▬ ▬▬ ▬▬▬ ▬▬▬▬ ▬▬ ▬▬▬ ▬▬▬ ▬▬ ▬▬▬▬ ▬▬ ▬▬▬ ▬▬▬▬ ▬▬ ▬▬▬ ▬▬ ▬▬▬▬ ▬▬▬ ▬▬ ▬▬▬▬ ▬▬ ▬▬▬ ▬▬▬▬ ▬▬ ▬▬▬ ▬▬▬ ▬▬ ▬▬▬▬ ▬▬ ▬▬▬ ▬▬▬▬ ▬▬ ▬▬▬ ▬▬ ▬▬▬▬ ▬▬▬ ▬▬ ▬▬▬▬ ▬▬ ▬▬▬ ▬▬▬▬ ▬▬ ▬▬▬ ▬▬▬ ▬▬ ▬▬▬▬ ▬▬ ▬▬▬ ▬▬▬▬ ▬▬ ▬▬▬ ▬▬ ▬▬▬▬ ▬▬▬ ▬▬ ▬▬▬▬ ▬▬ ▬▬▬ ▬▬▬▬ ▬▬ ▬▬▬ ▬▬▬ ▬▬ ▬▬▬▬ ▬▬ ▬▬▬ ▬▬▬▬ ▬▬ ▬▬▬ ▬▬ ▬▬▬▬ ▬▬▬ ▬▬ ▬▬▬▬ ▬▬ ▬▬▬ ▬▬▬▬ ▬▬ ▬▬▬ ▬▬▬ ▬▬ ▬▬▬▬ ▬▬ ▬▬▬ ▬▬▬▬ ▬▬ ▬▬▬ ▬▬ ▬▬▬▬ ▬▬▬ ▬▬ ▬▬▬▬
▬▬▬ ▬▬ ▬▬▬▬ ▬▬ ▬▬▬ ▬▬▬▬ ▬▬ ▬▬▬ ▬▬ ▬▬▬▬ ▬▬▬ ▬▬ ▬▬▬▬ ▬▬ ▬▬▬ ▬▬▬▬ ▬▬ ▬▬▬ ▬▬▬ ▬▬ ▬▬▬▬ ▬▬ ▬▬▬ ▬▬▬▬ ▬▬ ▬▬▬ ▬▬ ▬▬▬▬ ▬▬▬ ▬▬ ▬▬▬▬ ▬▬ ▬▬▬ ▬▬▬▬ ▬▬ ▬▬▬ ▬▬▬ ▬▬ ▬▬▬▬ ▬▬ ▬▬▬ ▬▬▬▬ ▬▬ ▬▬▬ ▬▬ ▬▬▬▬ ▬▬▬ ▬▬ ▬▬▬▬ ▬▬ ▬▬▬ ▬▬▬▬ ▬▬ ▬▬▬ ▬▬▬ ▬▬ ▬▬▬▬ ▬▬ ▬▬▬ ▬▬▬▬ ▬▬ ▬▬▬ ▬▬ ▬▬▬▬ ▬▬▬ ▬▬ ▬▬▬▬ ▬▬ ▬▬▬ ▬▬▬▬ ▬▬ ▬▬▬ ▬▬▬ ▬▬ ▬▬▬▬ ▬▬ ▬▬▬ ▬▬▬▬ ▬▬ ▬▬▬ ▬▬ ▬▬▬▬ ▬▬▬ ▬▬ ▬▬▬▬ ▬▬ ▬▬▬ ▬▬▬▬ ▬▬ ▬▬▬ ▬▬▬ ▬▬ ▬▬▬▬ ▬▬ ▬▬▬ ▬▬▬▬ ▬▬ ▬▬▬ ▬▬ ▬▬▬▬ ▬▬▬ ▬▬ ▬▬▬▬
'75 साल में पहली बार रुपया ICU में पहुंचा', कांग्रेस ने साधा निशाना, कहा- मोदी है तो मुमकिन है
▬▬▬ ▬▬ ▬▬▬▬ ▬▬ ▬▬▬ ▬▬▬▬ ▬▬ ▬▬▬ ▬▬ ▬▬▬▬ ▬▬▬ ▬▬ ▬▬▬▬ ▬▬ ▬▬▬ ▬▬▬▬ ▬▬ ▬▬▬ ▬▬▬ ▬▬ ▬▬▬▬ ▬▬ ▬▬▬ ▬▬▬▬ ▬▬ ▬▬▬ ▬▬ ▬▬▬▬ ▬▬▬ ▬▬ ▬▬▬▬ ▬▬ ▬▬▬ ▬▬▬▬ ▬▬ ▬▬▬ ▬▬▬ ▬▬ ▬▬▬▬ ▬▬ ▬▬▬ ▬▬▬▬ ▬▬ ▬▬▬ ▬▬ ▬▬▬▬ ▬▬▬ ▬▬ ▬▬▬▬ ▬▬ ▬▬▬ ▬▬▬▬ ▬▬ ▬▬▬ ▬▬▬ ▬▬ ▬▬▬▬ ▬▬ ▬▬▬ ▬▬▬▬ ▬▬ ▬▬▬ ▬▬ ▬▬▬▬
▬▬▬ ▬▬ ▬▬▬▬ ▬▬ ▬▬▬ ▬▬▬▬ ▬▬ ▬▬▬ ▬▬ ▬▬▬▬ ▬▬▬ ▬▬ ▬▬▬▬ ▬▬ ▬▬▬ ▬▬▬▬ ▬▬ ▬▬▬ ▬▬▬ ▬▬ ▬▬▬▬ ▬▬ ▬▬▬ ▬▬▬▬ ▬▬ ▬▬▬ ▬▬ ▬▬▬▬ ▬▬▬ ▬▬ ▬▬▬▬ ▬▬ ▬▬▬ ▬▬▬▬ ▬▬ ▬▬▬ ▬▬▬ ▬▬ ▬▬▬▬ ▬▬ ▬▬▬ ▬▬▬▬ ▬▬ ▬▬▬ ▬▬ ▬▬▬▬ ▬▬▬ ▬▬ ▬▬▬▬ ▬▬ ▬▬▬ ▬▬▬▬ ▬▬ ▬▬▬ ▬▬▬ ▬▬ ▬▬▬▬ ▬▬ ▬▬▬ ▬▬▬▬ ▬▬ ▬▬▬ ▬▬ ▬▬▬▬
▬▬▬ ▬▬ ▬▬▬▬ ▬▬ ▬▬▬ ▬▬▬▬ ▬▬ ▬▬▬ ▬▬ ▬▬▬▬ ▬▬▬ ▬▬ ▬▬▬▬ ▬▬ ▬▬▬ ▬▬▬▬ ▬▬ ▬▬▬ ▬▬▬ ▬▬ ▬▬▬▬ ▬▬ ▬▬▬ ▬▬▬▬ ▬▬ ▬▬▬ ▬▬ ▬▬▬▬ ▬▬▬ ▬▬ ▬▬▬▬ ▬▬ ▬▬▬ ▬▬▬▬ ▬▬ ▬▬▬ ▬▬▬ ▬▬ ▬▬▬▬ ▬▬ ▬▬▬ ▬▬▬▬ ▬▬ ▬▬▬ ▬▬ ▬▬▬▬ ▬▬▬ ▬▬ ▬▬▬▬ ▬▬ ▬▬▬ ▬▬▬▬ ▬▬ ▬▬▬ ▬▬▬ ▬▬ ▬▬▬▬ ▬▬ ▬▬▬ ▬▬▬▬ ▬▬ ▬▬▬ ▬▬ ▬▬▬▬
देश में रुपया ऐतिहासिक गिरावट के साथ ICU में पहुंच गया है।
▬▬▬ ▬▬ ▬▬▬▬ ▬▬ ▬▬▬ ▬▬▬▬ ▬▬ ▬▬▬ ▬▬ ▬▬▬▬ ▬▬▬ ▬▬ ▬▬▬▬ ▬▬ ▬▬▬ ▬▬▬▬ ▬▬ ▬▬▬ ▬▬▬ ▬▬ ▬▬▬▬ ▬▬ ▬▬▬ ▬▬▬▬ ▬▬ ▬▬▬ ▬▬ ▬▬▬▬ ▬▬▬ ▬▬ ▬▬▬▬ ▬▬ ▬▬▬ ▬▬▬▬ ▬▬ ▬▬▬ ▬▬▬ ▬▬ ▬▬▬▬ ▬▬ ▬▬▬ ▬▬▬▬ ▬▬ ▬▬▬ ▬▬ ▬▬▬▬ ▬▬▬ ▬▬ ▬▬▬▬ ▬▬ ▬▬▬ ▬▬▬▬ ▬▬ ▬▬▬ ▬▬▬ ▬▬ ▬▬▬▬ ▬▬ ▬▬▬ ▬▬▬▬ ▬▬ ▬▬▬ ▬▬ ▬▬▬▬
▬▬▬ ▬▬ ▬▬▬▬ ▬▬ ▬▬▬ ▬▬▬▬ ▬▬ ▬▬▬ ▬▬ ▬▬▬▬ ▬▬▬ ▬▬ ▬▬▬▬ ▬▬ ▬▬▬ ▬▬▬▬ ▬▬ ▬▬▬ ▬▬▬ ▬▬ ▬▬▬▬ ▬▬ ▬▬▬ ▬▬▬▬ ▬▬ ▬▬▬ ▬▬ ▬▬▬▬ ▬▬▬ ▬▬ ▬▬▬▬ ▬▬ ▬▬▬ ▬▬▬▬ ▬▬ ▬▬▬ ▬▬▬ ▬▬ ▬▬▬▬ ▬▬ ▬▬▬ ▬▬▬▬ ▬▬ ▬▬▬ ▬▬ ▬▬▬▬ ▬▬▬ ▬▬ ▬▬▬▬ ▬▬ ▬▬▬ ▬▬▬▬ ▬▬ ▬▬▬ ▬▬▬ ▬▬ ▬▬▬▬ ▬▬ ▬▬▬ ▬▬▬▬ ▬▬ ▬▬▬ ▬▬ ▬▬▬▬
